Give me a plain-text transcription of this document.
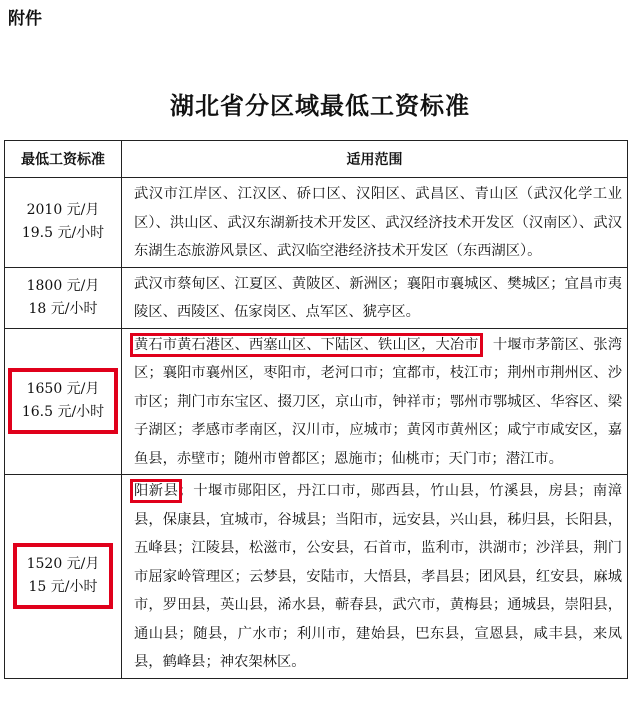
附件
湖北省分区域最低工资标准
最低工资标准	适用范围
2010 元/月
19.5 元/小时	武汉市江岸区、江汉区、硚口区、汉阳区、武昌区、青山区（武汉化学工业区）、洪山区、武汉东湖新技术开发区、武汉经济技术开发区（汉南区）、武汉东湖生态旅游风景区、武汉临空港经济技术开发区（东西湖区）。
1800 元/月
18 元/小时	武汉市蔡甸区、江夏区、黄陂区、新洲区；襄阳市襄城区、樊城区；宜昌市夷陵区、西陵区、伍家岗区、点军区、猇亭区。
1650 元/月
16.5 元/小时	黄石市黄石港区、西塞山区、下陆区、铁山区，大冶市；十堰市茅箭区、张湾区；襄阳市襄州区，枣阳市，老河口市；宜都市，枝江市；荆州市荆州区、沙市区；荆门市东宝区、掇刀区，京山市，钟祥市；鄂州市鄂城区、华容区、梁子湖区；孝感市孝南区，汉川市，应城市；黄冈市黄州区；咸宁市咸安区，嘉鱼县，赤壁市；随州市曾都区；恩施市；仙桃市；天门市；潜江市。
1520 元/月
15 元/小时	阳新县；十堰市郧阳区，丹江口市，郧西县，竹山县，竹溪县，房县；南漳县，保康县，宜城市，谷城县；当阳市，远安县，兴山县，秭归县，长阳县，五峰县；江陵县，松滋市，公安县，石首市，监利市，洪湖市；沙洋县，荆门市屈家岭管理区；云梦县，安陆市，大悟县，孝昌县；团风县，红安县，麻城市，罗田县，英山县，浠水县，蕲春县，武穴市，黄梅县；通城县，崇阳县，通山县；随县，广水市；利川市，建始县，巴东县，宣恩县，咸丰县，来凤县，鹤峰县；神农架林区。
